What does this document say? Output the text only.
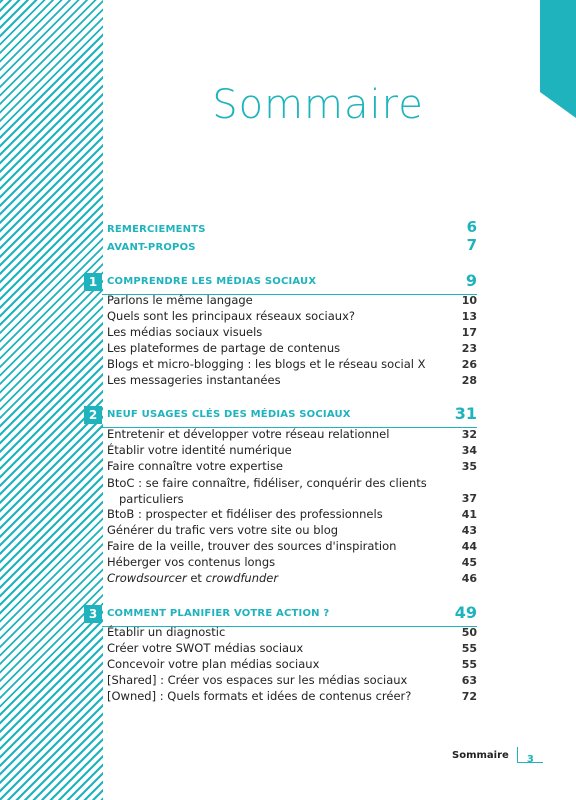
Sommaire
REMERCIEMENTS	6
AVANT-PROPOS	7
1 COMPRENDRE LES MÉDIAS SOCIAUX	9
Parlons le même langage	10
Quels sont les principaux réseaux sociaux?	13
Les médias sociaux visuels	17
Les plateformes de partage de contenus	23
Blogs et micro-blogging : les blogs et le réseau social X	26
Les messageries instantanées	28
2 NEUF USAGES CLÉS DES MÉDIAS SOCIAUX	31
Entretenir et développer votre réseau relationnel	32
Établir votre identité numérique	34
Faire connaître votre expertise	35
BtoC : se faire connaître, fidéliser, conquérir des clients
particuliers	37
BtoB : prospecter et fidéliser des professionnels	41
Générer du trafic vers votre site ou blog	43
Faire de la veille, trouver des sources d'inspiration	44
Héberger vos contenus longs	45
Crowdsourcer et crowdfunder	46
3 COMMENT PLANIFIER VOTRE ACTION ?	49
Établir un diagnostic	50
Créer votre SWOT médias sociaux	55
Concevoir votre plan médias sociaux	55
[Shared] : Créer vos espaces sur les médias sociaux	63
[Owned] : Quels formats et idées de contenus créer?	72
Sommaire	3
